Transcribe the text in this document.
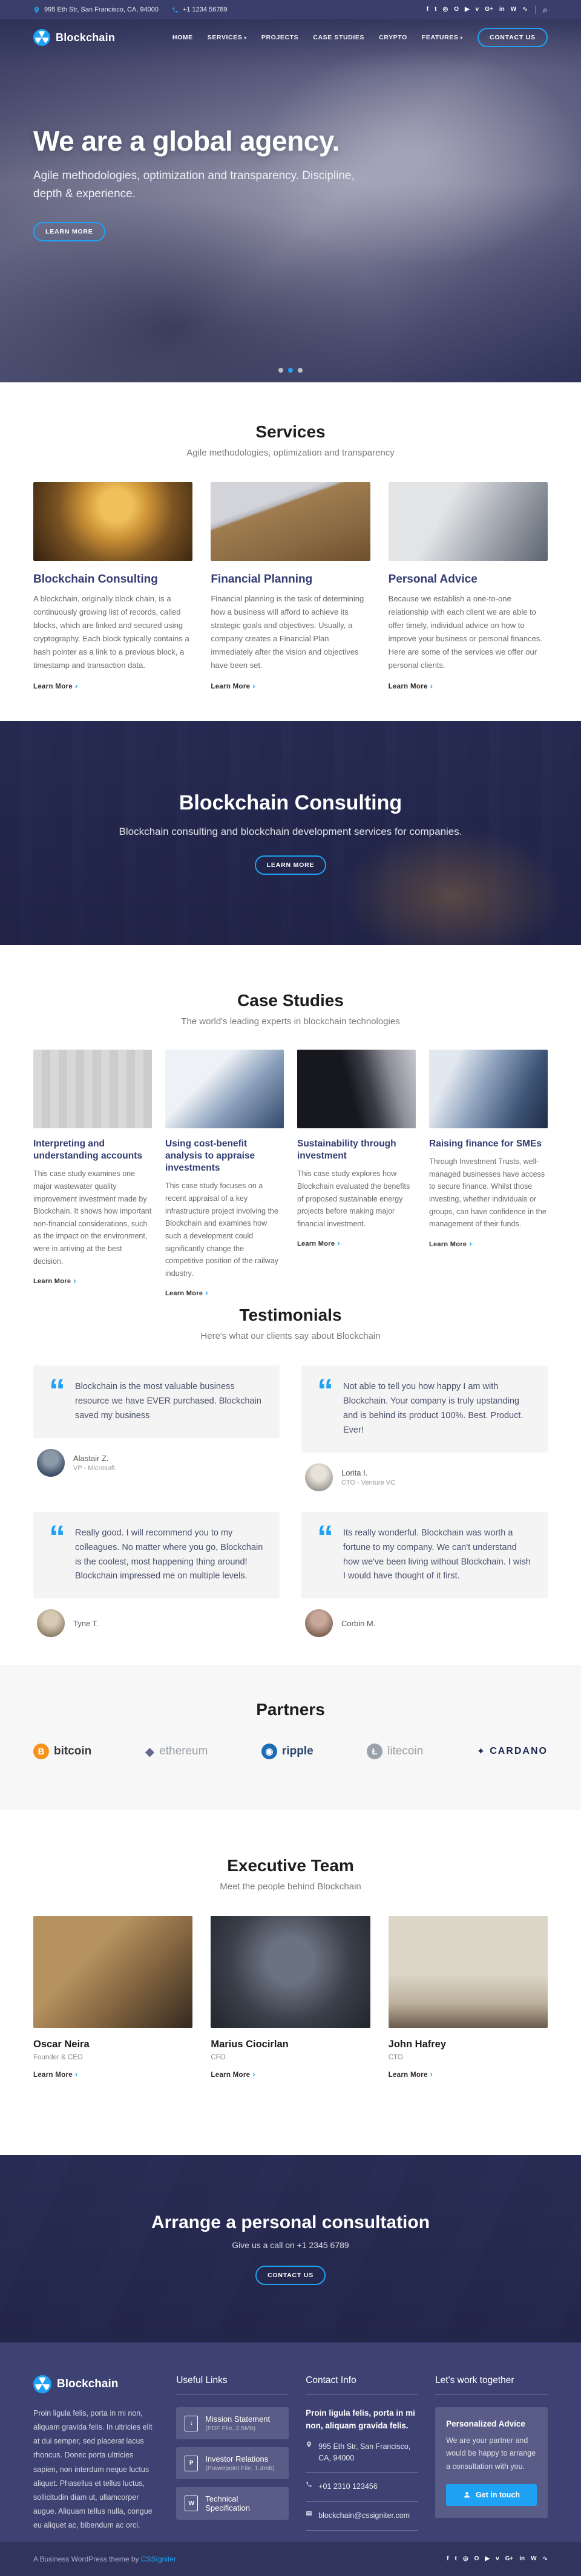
995 Eth Str, San Francisco, CA, 94000	+1 1234 56789	f t ◎ O ▶ v G+ in W ∿ ⌕
Blockchain	HOME SERVICES ▾	PROJECTS CASE STUDIES CRYPTO FEATURES ▾	CONTACT US
We are a global agency.
Agile methodologies, optimization and transparency. Discipline, depth & experience.
LEARN MORE
Services
Agile methodologies, optimization and transparency
Blockchain Consulting
A blockchain, originally block chain, is a continuously growing list of records, called blocks, which are linked and secured using cryptography. Each block typically contains a hash pointer as a link to a previous block, a timestamp and transaction data.
Learn More ›
Financial Planning
Financial planning is the task of determining how a business will afford to achieve its strategic goals and objectives. Usually, a company creates a Financial Plan immediately after the vision and objectives have been set.
Learn More ›
Personal Advice
Because we establish a one-to-one relationship with each client we are able to offer timely, individual advice on how to improve your business or personal finances. Here are some of the services we offer our personal clients.
Learn More ›
Blockchain Consulting
Blockchain consulting and blockchain development services for companies.
LEARN MORE
Case Studies
The world's leading experts in blockchain technologies
Interpreting and understanding accounts
This case study examines one major wastewater quality improvement investment made by Blockchain. It shows how important non-financial considerations, such as the impact on the environment, were in arriving at the best decision.
Learn More ›
Using cost-benefit analysis to appraise investments
This case study focuses on a recent appraisal of a key infrastructure project involving the Blockchain and examines how such a development could significantly change the competitive position of the railway industry.
Learn More ›
Sustainability through investment
This case study explores how Blockchain evaluated the benefits of proposed sustainable energy projects before making major financial investment.
Learn More ›
Raising finance for SMEs
Through Investment Trusts, well-managed businesses have access to secure finance. Whilst those investing, whether individuals or groups, can have confidence in the management of their funds.
Learn More ›
Testimonials
Here's what our clients say about Blockchain
“ Blockchain is the most valuable business resource we have EVER purchased. Blockchain saved my business
Alastair Z.
VP - Microsoft
“ Not able to tell you how happy I am with Blockchain. Your company is truly upstanding and is behind its product 100%. Best. Product. Ever!
Lorita I.
CTO - Venture VC
“ Really good. I will recommend you to my colleagues. No matter where you go, Blockchain is the coolest, most happening thing around! Blockchain impressed me on multiple levels.
Tyne T.
“ Its really wonderful. Blockchain was worth a fortune to my company. We can't understand how we've been living without Blockchain. I wish I would have thought of it first.
Corbin M.
Partners
B bitcoin	◆ ethereum	◉ ripple	Ł litecoin	✦ CARDANO
Executive Team
Meet the people behind Blockchain
Oscar Neira
Founder & CEO
Learn More ›
Marius Ciocirlan
CFO
Learn More ›
John Hafrey
CTO
Learn More ›
Arrange a personal consultation
Give us a call on +1 2345 6789
CONTACT US
Blockchain
Proin ligula felis, porta in mi non, aliquam gravida felis. In ultricies elit at dui semper, sed placerat lacus rhoncus. Donec porta ultricies sapien, non interdum neque luctus aliquet. Phasellus et tellus luctus, sollicitudin diam ut, ullamcorper augue. Aliquam tellus nulla, congue eu aliquet ac, bibendum ac orci.
Useful Links
↓	Mission Statement
(PDF File, 2.5Mb)
P	Investor Relations
(Powerpoint File, 1.4mb)
W	Technical Specification
Contact Info
Proin ligula felis, porta in mi non, aliquam gravida felis.
995 Eth Str, San Francisco, CA, 94000
+01 2310 123456
blockchain@cssigniter.com
Let's work together
Personalized Advice
We are your partner and would be happy to arrange a consultation with you.
Get in touch
A Business WordPress theme by CSSIgniter	f t ◎ O ▶ v G+ in W ∿
